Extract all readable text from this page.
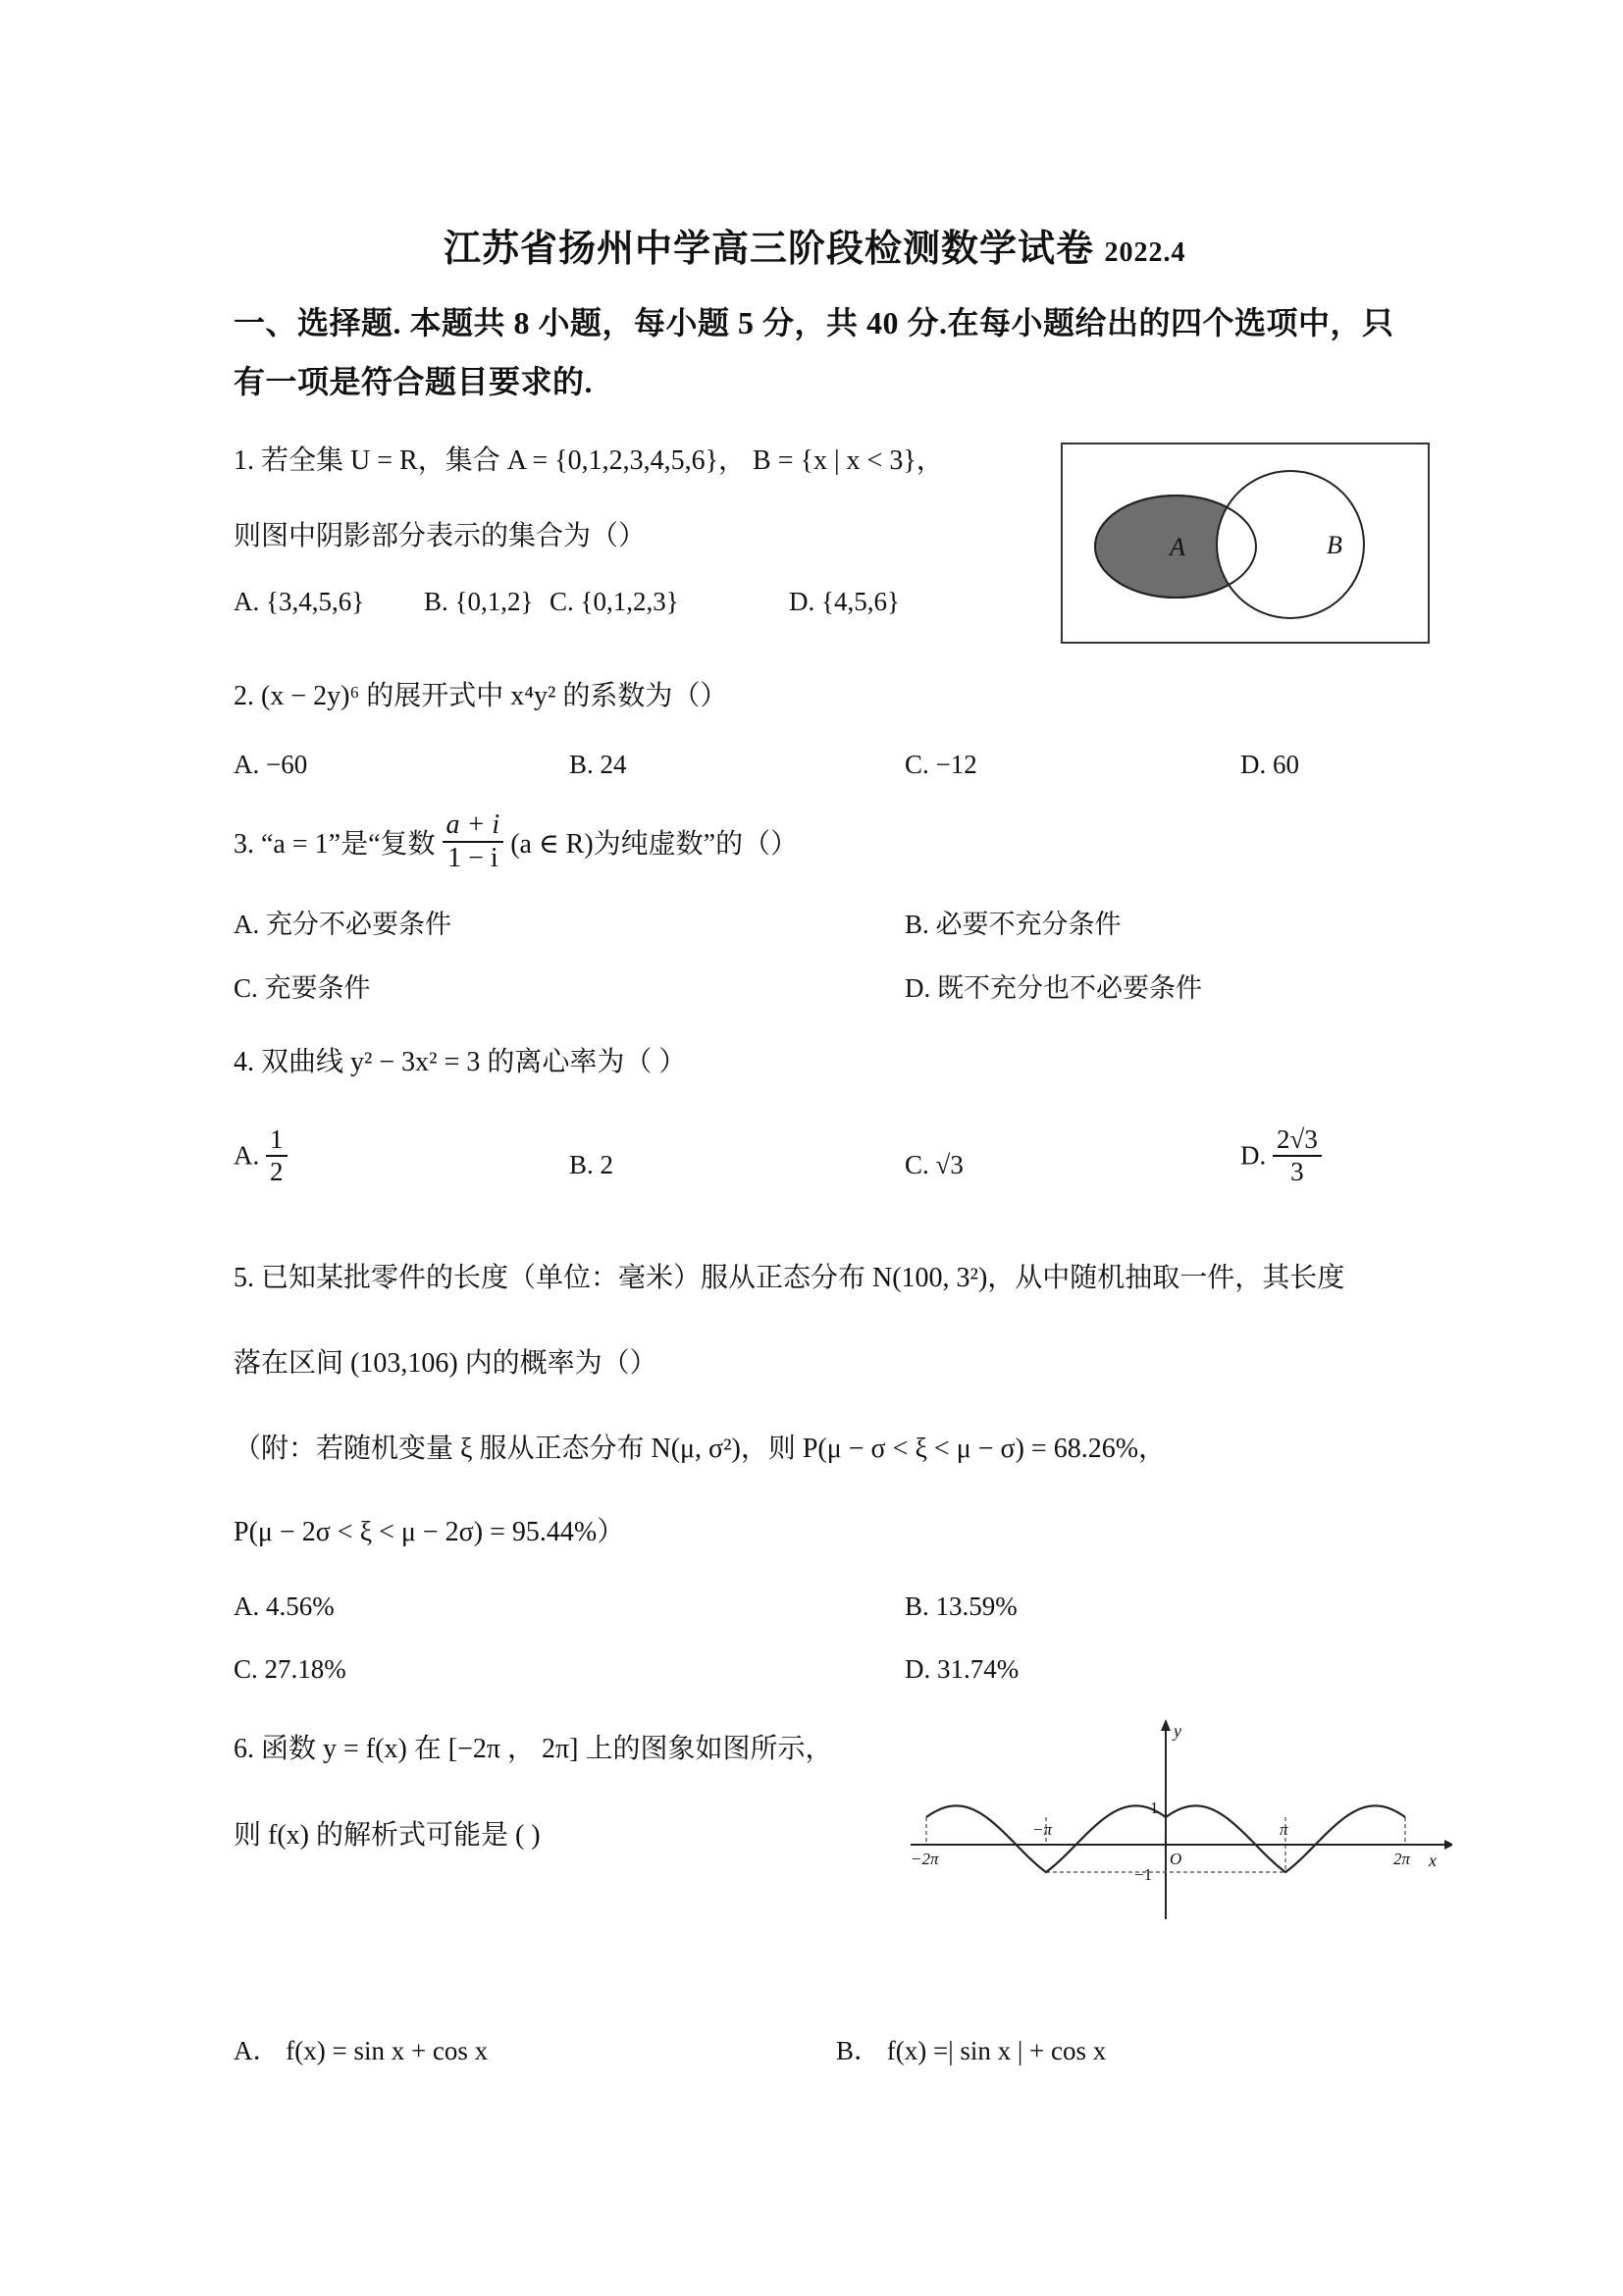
江苏省扬州中学高三阶段检测数学试卷 2022.4
一、选择题. 本题共 8 小题，每小题 5 分，共 40 分.在每小题给出的四个选项中，只
有一项是符合题目要求的.
1. 若全集 U = R，集合 A = {0,1,2,3,4,5,6}， B = {x | x < 3}，
则图中阴影部分表示的集合为（）
A. {3,4,5,6} B. {0,1,2} C. {0,1,2,3}	D. {4,5,6}
A	B
2. (x − 2y)⁶ 的展开式中 x⁴y² 的系数为（）
A. −60	B. 24	C. −12	D. 60
3. “a = 1”是“复数 $\frac{a + i}{1 - i} (a$ ∈ R)为纯虚数”的（）
A. 充分不必要条件	B. 必要不充分条件
C. 充要条件	D. 既不充分也不必要条件
4. 双曲线 y² − 3x² = 3 的离心率为（ ）
A. $\frac{1}{2}$	B. 2	C. √3	D. $\frac{2√3}{3}$
5. 已知某批零件的长度（单位：毫米）服从正态分布 N(100, 3²)，从中随机抽取一件，其长度
落在区间 (103,106) 内的概率为（）
（附：若随机变量 ξ 服从正态分布 N(μ, σ²)，则 P(μ − σ < ξ < μ − σ) = 68.26%，
P(μ − 2σ < ξ < μ − 2σ) = 95.44%）
A. 4.56%	B. 13.59%
C. 27.18%	D. 31.74%
6. 函数 y = f(x) 在 [−2π ， 2π] 上的图象如图所示，
则 f(x) 的解析式可能是 ( )
y
x
O
1
−1
−2π
−π	π
2π
A． f(x) = sin x + cos x	B． f(x) =| sin x | + cos x
